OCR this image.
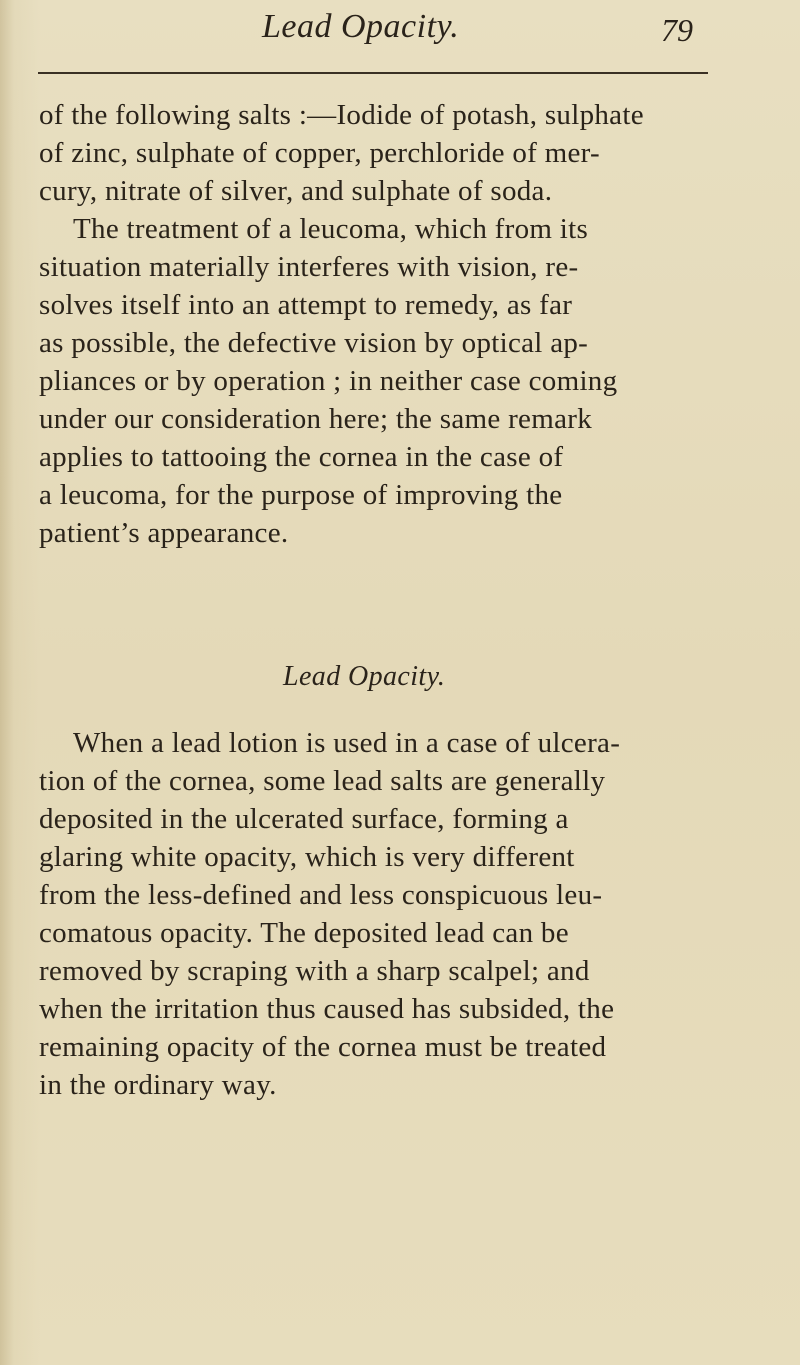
Lead Opacity.	79
of the following salts :—Iodide of potash, sulphate
of zinc, sulphate of copper, perchloride of mer-
cury, nitrate of silver, and sulphate of soda.
The treatment of a leucoma, which from its
situation materially interferes with vision, re-
solves itself into an attempt to remedy, as far
as possible, the defective vision by optical ap-
pliances or by operation ; in neither case coming
under our consideration here; the same remark
applies to tattooing the cornea in the case of
a leucoma, for the purpose of improving the
patient’s appearance.
Lead Opacity.
When a lead lotion is used in a case of ulcera-
tion of the cornea, some lead salts are generally
deposited in the ulcerated surface, forming a
glaring white opacity, which is very different
from the less-defined and less conspicuous leu-
comatous opacity. The deposited lead can be
removed by scraping with a sharp scalpel; and
when the irritation thus caused has subsided, the
remaining opacity of the cornea must be treated
in the ordinary way.
